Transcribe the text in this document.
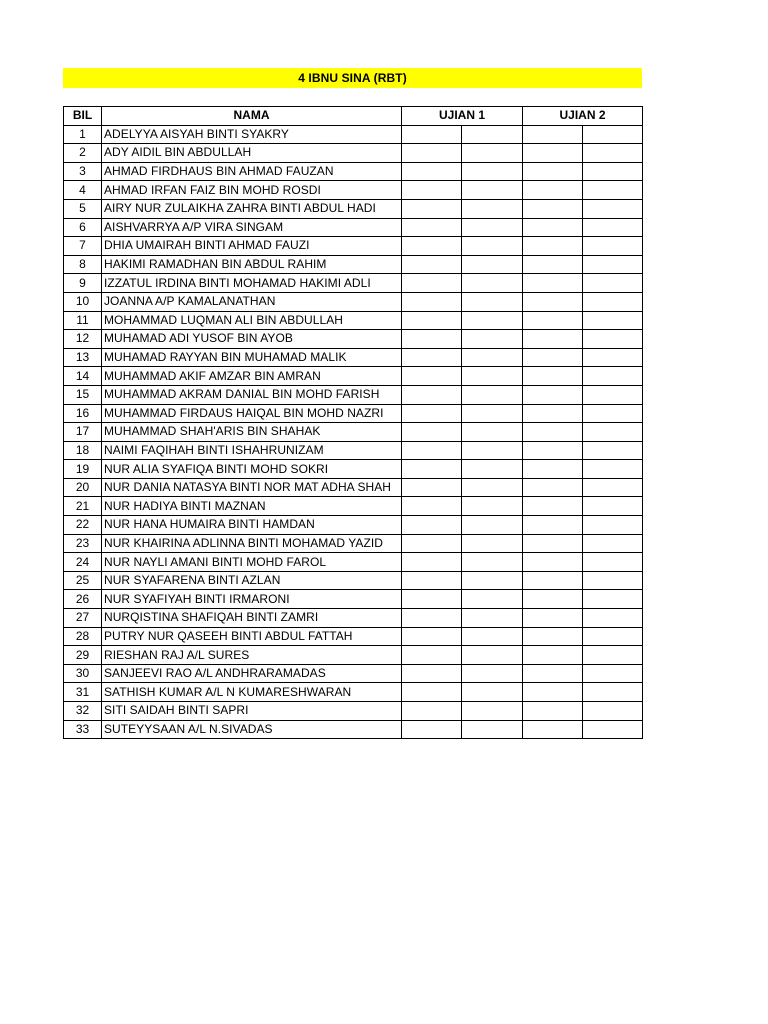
4 IBNU SINA (RBT)
BIL	NAMA	UJIAN 1		UJIAN 2	
1	ADELYYA AISYAH BINTI SYAKRY				
2	ADY AIDIL BIN ABDULLAH				
3	AHMAD FIRDHAUS BIN AHMAD FAUZAN				
4	AHMAD IRFAN FAIZ BIN MOHD ROSDI				
5	AIRY NUR ZULAIKHA ZAHRA BINTI ABDUL HADI				
6	AISHVARRYA A/P VIRA SINGAM				
7	DHIA UMAIRAH BINTI AHMAD FAUZI				
8	HAKIMI RAMADHAN BIN ABDUL RAHIM				
9	IZZATUL IRDINA BINTI MOHAMAD HAKIMI ADLI				
10	JOANNA A/P KAMALANATHAN				
11	MOHAMMAD LUQMAN ALI BIN ABDULLAH				
12	MUHAMAD ADI YUSOF BIN AYOB				
13	MUHAMAD RAYYAN BIN MUHAMAD MALIK				
14	MUHAMMAD AKIF AMZAR BIN AMRAN				
15	MUHAMMAD AKRAM DANIAL BIN MOHD FARISH				
16	MUHAMMAD FIRDAUS HAIQAL BIN MOHD NAZRI				
17	MUHAMMAD SHAH'ARIS BIN SHAHAK				
18	NAIMI FAQIHAH BINTI ISHAHRUNIZAM				
19	NUR ALIA SYAFIQA BINTI MOHD SOKRI				
20	NUR DANIA NATASYA BINTI NOR MAT ADHA SHAH				
21	NUR HADIYA BINTI MAZNAN				
22	NUR HANA HUMAIRA BINTI HAMDAN				
23	NUR KHAIRINA ADLINNA BINTI MOHAMAD YAZID				
24	NUR NAYLI AMANI BINTI MOHD FAROL				
25	NUR SYAFARENA BINTI AZLAN				
26	NUR SYAFIYAH BINTI IRMARONI				
27	NURQISTINA SHAFIQAH BINTI ZAMRI				
28	PUTRY NUR QASEEH BINTI ABDUL FATTAH				
29	RIESHAN RAJ A/L SURES				
30	SANJEEVI RAO A/L ANDHRARAMADAS				
31	SATHISH KUMAR A/L N KUMARESHWARAN				
32	SITI SAIDAH BINTI SAPRI				
33	SUTEYYSAAN A/L N.SIVADAS				
